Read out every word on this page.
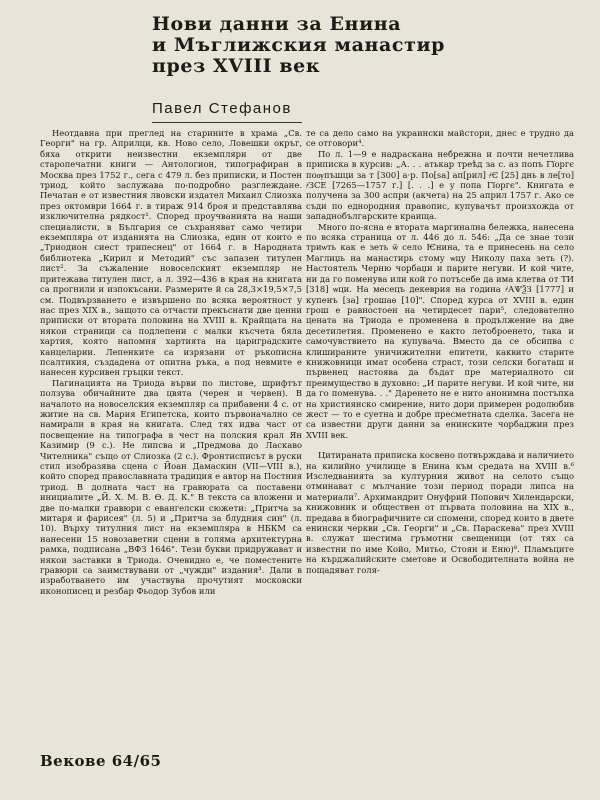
Нови данни за Енина
и Мъглижския манастир
през XVIII век
Павел Стефанов

Неотдавна при преглед на старините в храма „Св. Георги" на гр. Априлци, кв. Ново село, Ловешки окръг, бяха открити неизвестни екземпляри от две старопечатни книги — Антологион, типографиран в Москва през 1752 г., сега с 479 л. без приписки, и Постен триод, който заслужава по-подробно разглеждане. Печатан е от известния лвовски издател Михаил Слиозка през октомври 1664 г. в тираж 914 броя и представлява изключителна рядкост¹. Според проучванията на наши специалисти, в България се съхраняват само четири екземпляра от изданията на Слиозка, един от които е „Триодион сиест трипеснец" от 1664 г. в Народната библиотека „Кирил и Методий" със запазен титулен лист². За съжаление новоселският екземпляр не притежава титулен лист, а л. 392—436 в края на книгата са прогнили и изпокъсани. Размерите й са 28,3×19,5×7,5 см. Подвързването е извършено по всяка вероятност у нас през XIX в., защото са отчасти прекъснати две ценни приписки от втората половина на XVIII в. Крайщата на някои страници са подлепени с малки късчета бяла хартия, която напомня хартията на цариградските канцеларии. Лепенките са изрязани от ръкописна псалтикия, създадена от опитна ръка, а под невмите е нанесен курсивен гръцки текст.

Пагинацията на Триода върви по листове, шрифтът ползува обичайните два цвята (черен и червен). В началото на новоселския екземпляр са прибавени 4 с. от житие на св. Мария Египетска, които първоначално се намирали в края на книгата. След тях идва част от посвещение на типографа в чест на полския крал Ян Казимир (9 с.). Не липсва и „Предмова до Ласкаво Чителника" също от Слиозка (2 с.). Фронтисписът в руски стил изобразява сцена с Йоан Дамаскин (VII—VIII в.), който според православната традиция е автор на Постния триод. В долната част на гравюрата са поставени инициалите „Й. Х. М. В. Ѳ. Д. К." В текста са вложени и две по-малки гравюри с евангелски сюжети: „Притча за митаря и фарисея" (л. 5) и „Притча за блудния син" (л. 10). Върху титулния лист на екземпляра в НБКМ са нанесени 15 новозаветни сцени в голяма архитектурна рамка, подписана „ВФЗ 1646". Тези букви придружават и някои заставки в Триода. Очевидно е, че поместените гравюри са заимствувани от „чужди" издания³. Дали в изработването им участвува прочутият московски иконописец и резбар Фьодор Зубов или

те са дело само на украински майстори, днес е трудно да се отговори⁴.

По л. 1—9 е надраскана небрежна и почти нечетлива приписка в курсив: „А. . . атькар треѣд за с. аз попъ Гїоргє поѹпъшци за т [300] а·р. По[ѕа] ап[рил] ҂Є [25] днь в ле[то] ҂ЗСЕ [7265—1757 г.] [. . .] е у попа Гїоргє". Книгата е получена за 300 аспри (акчета) на 25 април 1757 г. Ако се съди по еднородния правопис, купувачът произхожда от западнобългарските краища.

Много по-ясна е втората маргинална бележка, нанесена по всяка страница от л. 446 до л. 546: „Да се знае този триѡть как е зеть ѿ село Ѥнина, та е принесень на село Маглиџь на манастирь стому ѡцу Николу паха зеть (?). Настоятель Черню чорбаџи и парите негуви. И кой чите, ни да го поменува или кой го потъсебе да има клетва от ТИ [318] ѡци. На месецъ декеврия на година ҂АѰѮЗ [1777] и купенъ [за] грошаѳ [10]". Според курса от XVIII в. един грош е равностоен на четирдесет пари⁵, следователно цената на Триода е променена в продължение на две десетилетия. Променено е както летоброенето, така и самочувствието на купувача. Вместо да се обсипва с клишираните уничижителни епитети, каквито старите книжовници имат особена страст, този селски богаташ и първенец настоява да бъдат пре материалното си преимущество в духовно: „И парите негуви. И кой чите, ни да го поменува. . ." Даренето не е нито анонимна постъпка на християнско смирение, нито дори примерен родолюбив жест — то е суетна и добре пресметната сделка. Засега не са известни други данни за енинските чорбаджии през XVIII век.

Цитираната приписка косвено потвърждава и наличието на килийно училище в Енина към средата на XVIII в.⁶ Изследванията за културния живот на селото също отминават с мълчание този период поради липса на материали⁷. Архимандрит Онуфрий Попович Хилендарски, книжовник и обществен от първата половина на XIX в., предава в биографичните си спомени, според които в двете енински черкви „Св. Георги" и „Св. Параскева" през XVIII в. служат шестима гръмотни свещеници (от тях са известни по име Койо, Митьо, Стоян и Еню)⁸. Пламъците на кърджалийските сметове и Освободителната война не пощадяват голя-

Векове 64/65
